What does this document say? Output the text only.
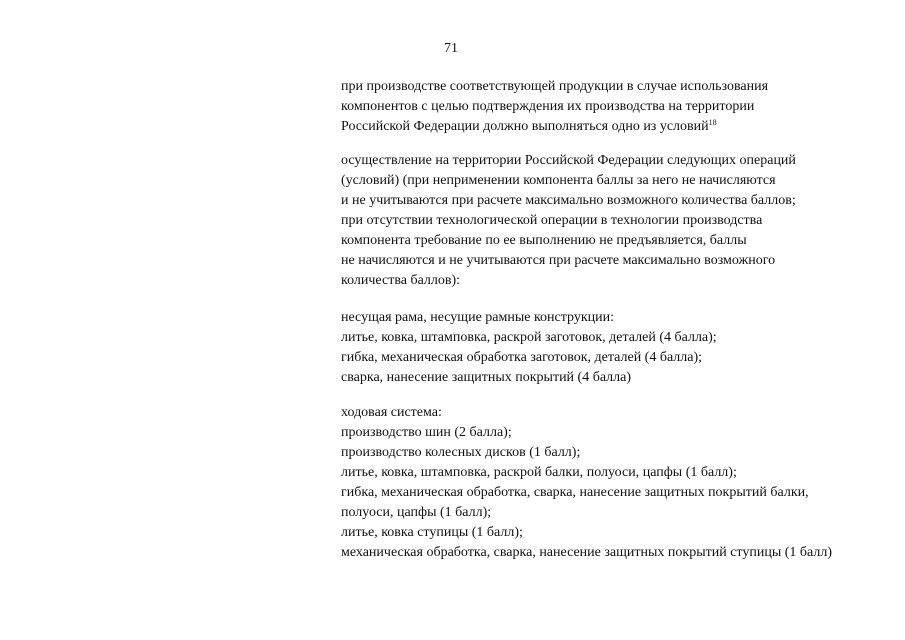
71
при производстве соответствующей продукции в случае использования
компонентов с целью подтверждения их производства на территории
Российской Федерации должно выполняться одно из условий$^{18}$
осуществление на территории Российской Федерации следующих операций
(условий) (при неприменении компонента баллы за него не начисляются
и не учитываются при расчете максимально возможного количества баллов;
при отсутствии технологической операции в технологии производства
компонента требование по ее выполнению не предъявляется, баллы
не начисляются и не учитываются при расчете максимально возможного
количества баллов):
несущая рама, несущие рамные конструкции:
литье, ковка, штамповка, раскрой заготовок, деталей (4 балла);
гибка, механическая обработка заготовок, деталей (4 балла);
сварка, нанесение защитных покрытий (4 балла)
ходовая система:
производство шин (2 балла);
производство колесных дисков (1 балл);
литье, ковка, штамповка, раскрой балки, полуоси, цапфы (1 балл);
гибка, механическая обработка, сварка, нанесение защитных покрытий балки,
полуоси, цапфы (1 балл);
литье, ковка ступицы (1 балл);
механическая обработка, сварка, нанесение защитных покрытий ступицы (1 балл)
